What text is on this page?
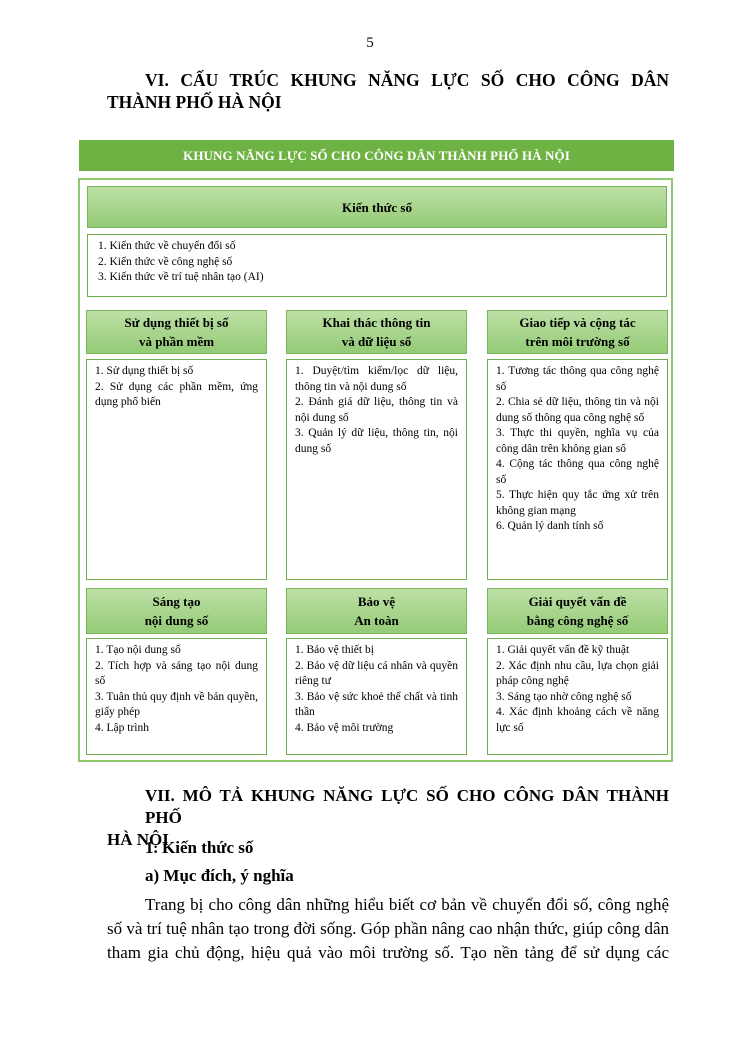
5
VI. CẤU TRÚC KHUNG NĂNG LỰC SỐ CHO CÔNG DÂN
THÀNH PHỐ HÀ NỘI
KHUNG NĂNG LỰC SỐ CHO CÔNG DÂN THÀNH PHỐ HÀ NỘI
Kiến thức số
1. Kiến thức về chuyển đổi số
2. Kiến thức về công nghệ số
3. Kiến thức về trí tuệ nhân tạo (AI)
Sử dụng thiết bị số
và phần mềm
1. Sử dụng thiết bị số
2. Sử dụng các phần mềm, ứng dụng phổ biến
Khai thác thông tin
và dữ liệu số
1. Duyệt/tìm kiếm/lọc dữ liệu, thông tin và nội dung số
2. Đánh giá dữ liệu, thông tin và nội dung số
3. Quản lý dữ liệu, thông tin, nội dung số
Giao tiếp và cộng tác
trên môi trường số
1. Tương tác thông qua công nghệ số
2. Chia sẻ dữ liệu, thông tin và nội dung số thông qua công nghệ số
3. Thực thi quyền, nghĩa vụ của công dân trên không gian số
4. Cộng tác thông qua công nghệ số
5. Thực hiện quy tắc ứng xử trên không gian mạng
6. Quản lý danh tính số
Sáng tạo
nội dung số
1. Tạo nội dung số
2. Tích hợp và sáng tạo nội dung số
3. Tuân thủ quy định về bản quyền, giấy phép
4. Lập trình
Bảo vệ
An toàn
1. Bảo vệ thiết bị
2. Bảo vệ dữ liệu cá nhân và quyền riêng tư
3. Bảo vệ sức khoẻ thể chất và tinh thần
4. Bảo vệ môi trường
Giải quyết vấn đề
bằng công nghệ số
1. Giải quyết vấn đề kỹ thuật
2. Xác định nhu cầu, lựa chọn giải pháp công nghệ
3. Sáng tạo nhờ công nghệ số
4. Xác định khoảng cách về năng lực số
VII. MÔ TẢ KHUNG NĂNG LỰC SỐ CHO CÔNG DÂN THÀNH PHỐ
HÀ NỘI
1. Kiến thức số
a) Mục đích, ý nghĩa
Trang bị cho công dân những hiểu biết cơ bản về chuyển đổi số, công nghệ
số và trí tuệ nhân tạo trong đời sống. Góp phần nâng cao nhận thức, giúp công dân
tham gia chủ động, hiệu quả vào môi trường số. Tạo nền tảng để sử dụng các
